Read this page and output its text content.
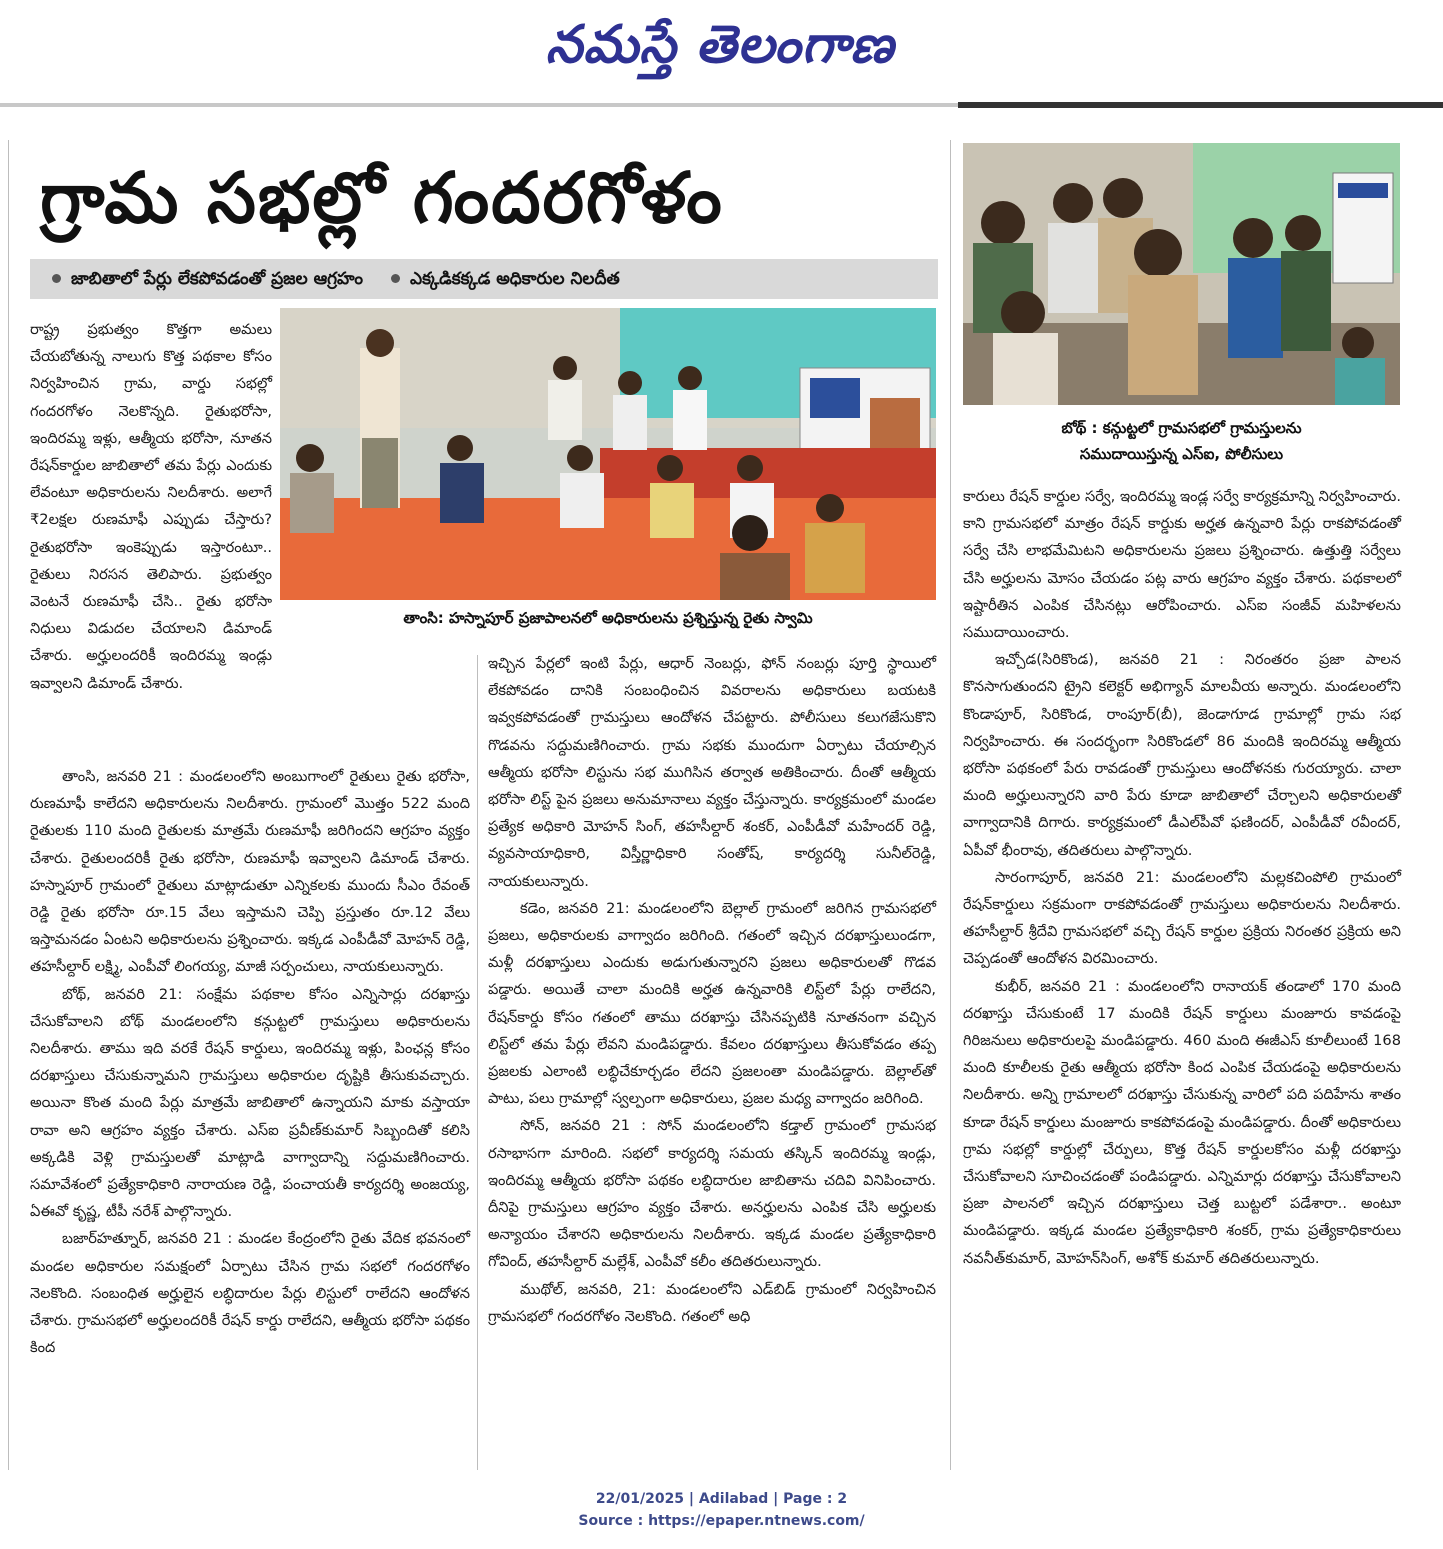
నమస్తే తెలంగాణ
గ్రామ సభల్లో గందరగోళం
జాబితాలో పేర్లు లేకపోవడంతో ప్రజల ఆగ్రహం	ఎక్కడికక్కడ అధికారుల నిలదీత
తాంసి: హస్నాపూర్ ప్రజాపాలనలో అధికారులను ప్రశ్నిస్తున్న రైతు స్వామి
బోథ్ : కన్గుట్టలో గ్రామసభలో గ్రామస్తులను
సముదాయిస్తున్న ఎస్ఐ, పోలీసులు

రాష్ట్ర ప్రభుత్వం కొత్తగా అమలు చేయబోతున్న నాలుగు కొత్త పథకాల కోసం నిర్వహించిన గ్రామ, వార్డు సభల్లో గందరగోళం నెలకొన్నది. రైతుభరోసా, ఇందిరమ్మ ఇళ్లు, ఆత్మీయ భరోసా, నూతన రేషన్‌కార్డుల జాబితాలో తమ పేర్లు ఎందుకు లేవంటూ అధికారులను నిలదీశారు. అలాగే ₹2లక్షల రుణమాఫీ ఎప్పుడు చేస్తారు? రైతుభరోసా ఇంకెప్పుడు ఇస్తారంటూ.. రైతులు నిరసన తెలిపారు. ప్రభుత్వం వెంటనే రుణమాఫీ చేసి.. రైతు భరోసా నిధులు విడుదల చేయాలని డిమాండ్ చేశారు. అర్హులందరికీ ఇందిరమ్మ ఇండ్లు ఇవ్వాలని డిమాండ్ చేశారు.

తాంసి, జనవరి 21 : మండలంలోని అంబుగాంలో రైతులు రైతు భరోసా, రుణమాఫీ కాలేదని అధికారులను నిలదీశారు. గ్రామంలో మొత్తం 522 మంది రైతులకు 110 మంది రైతులకు మాత్రమే రుణమాఫీ జరిగిందని ఆగ్రహం వ్యక్తం చేశారు. రైతులందరికీ రైతు భరోసా, రుణమాఫీ ఇవ్వాలని డిమాండ్ చేశారు. హస్నాపూర్ గ్రామంలో రైతులు మాట్లాడుతూ ఎన్నికలకు ముందు సీఎం రేవంత్ రెడ్డి రైతు భరోసా రూ.15 వేలు ఇస్తామని చెప్పి ప్రస్తుతం రూ.12 వేలు ఇస్తామనడం ఏంటని అధికారులను ప్రశ్నించారు. ఇక్కడ ఎంపీడీవో మోహన్ రెడ్డి, తహసీల్దార్ లక్ష్మి, ఎంపీవో లింగయ్య, మాజీ సర్పంచులు, నాయకులున్నారు.

బోథ్, జనవరి 21: సంక్షేమ పథకాల కోసం ఎన్నిసార్లు దరఖాస్తు చేసుకోవాలని బోథ్ మండలంలోని కన్గుట్టలో గ్రామస్తులు అధికారులను నిలదీశారు. తాము ఇది వరకే రేషన్ కార్డులు, ఇందిరమ్మ ఇళ్లు, పింఛన్ల కోసం దరఖాస్తులు చేసుకున్నామని గ్రామస్తులు అధికారుల దృష్టికి తీసుకువచ్చారు. అయినా కొంత మంది పేర్లు మాత్రమే జాబితాలో ఉన్నాయని మాకు వస్తాయా రావా అని ఆగ్రహం వ్యక్తం చేశారు. ఎస్ఐ ప్రవీణ్‌కుమార్ సిబ్బందితో కలిసి అక్కడికి వెళ్లి గ్రామస్తులతో మాట్లాడి వాగ్వాదాన్ని సద్దుమణిగించారు. సమావేశంలో ప్రత్యేకాధికారి నారాయణ రెడ్డి, పంచాయతీ కార్యదర్శి అంజయ్య, ఏఈవో కృష్ణ, టీపీ నరేశ్ పాల్గొన్నారు.

బజార్‌హత్నూర్, జనవరి 21 : మండల కేంద్రంలోని రైతు వేదిక భవనంలో మండల అధికారుల సమక్షంలో ఏర్పాటు చేసిన గ్రామ సభలో గందరగోళం నెలకొంది. సంబంధిత అర్హులైన లబ్ధిదారుల పేర్లు లిస్టులో రాలేదని ఆందోళన చేశారు. గ్రామసభలో అర్హులందరికీ రేషన్ కార్డు రాలేదని, ఆత్మీయ భరోసా పథకం కింద

ఇచ్చిన పేర్లలో ఇంటి పేర్లు, ఆధార్ నెంబర్లు, ఫోన్ నంబర్లు పూర్తి స్థాయిలో లేకపోవడం దానికి సంబంధించిన వివరాలను అధికారులు బయటకి ఇవ్వకపోవడంతో గ్రామస్తులు ఆందోళన చేపట్టారు. పోలీసులు కలుగజేసుకొని గొడవను సద్దుమణిగించారు. గ్రామ సభకు ముందుగా ఏర్పాటు చేయాల్సిన ఆత్మీయ భరోసా లిస్టును సభ ముగిసిన తర్వాత అతికించారు. దీంతో ఆత్మీయ భరోసా లిస్ట్ పైన ప్రజలు అనుమానాలు వ్యక్తం చేస్తున్నారు. కార్యక్రమంలో మండల ప్రత్యేక అధికారి మోహన్ సింగ్, తహసీల్దార్ శంకర్, ఎంపీడీవో మహేందర్ రెడ్డి, వ్యవసాయాధికారి, విస్తీర్ణాధికారి సంతోష్, కార్యదర్శి సునీల్‌రెడ్డి, నాయకులున్నారు.

కడెం, జనవరి 21: మండలంలోని బెల్లాల్ గ్రామంలో జరిగిన గ్రామసభలో ప్రజలు, అధికారులకు వాగ్వాదం జరిగింది. గతంలో ఇచ్చిన దరఖాస్తులుండగా, మళ్లీ దరఖాస్తులు ఎందుకు అడుగుతున్నారని ప్రజలు అధికారులతో గొడవ పడ్డారు. అయితే చాలా మందికి అర్హత ఉన్నవారికి లిస్ట్‌లో పేర్లు రాలేదని, రేషన్‌కార్డు కోసం గతంలో తాము దరఖాస్తు చేసినప్పటికి నూతనంగా వచ్చిన లిస్ట్‌లో తమ పేర్లు లేవని మండిపడ్డారు. కేవలం దరఖాస్తులు తీసుకోవడం తప్ప ప్రజలకు ఎలాంటి లబ్ధిచేకూర్చడం లేదని ప్రజలంతా మండిపడ్డారు. బెల్లాల్‌తో పాటు, పలు గ్రామాల్లో స్వల్పంగా అధికారులు, ప్రజల మధ్య వాగ్వాదం జరిగింది.

సోన్, జనవరి 21 : సోన్ మండలంలోని కడ్తాల్ గ్రామంలో గ్రామసభ రసాభాసగా మారింది. సభలో కార్యదర్శి సమయ తస్కిన్ ఇందిరమ్మ ఇండ్లు, ఇందిరమ్మ ఆత్మీయ భరోసా పథకం లబ్ధిదారుల జాబితాను చదివి వినిపించారు. దీనిపై గ్రామస్తులు ఆగ్రహం వ్యక్తం చేశారు. అనర్హులను ఎంపిక చేసి అర్హులకు అన్యాయం చేశారని అధికారులను నిలదీశారు. ఇక్కడ మండల ప్రత్యేకాధికారి గోవింద్, తహసీల్దార్ మల్లేశ్, ఎంపీవో కలీం తదితరులున్నారు.

ముథోల్, జనవరి, 21: మండలంలోని ఎడ్‌బిడ్ గ్రామంలో నిర్వహించిన గ్రామసభలో గందరగోళం నెలకొంది. గతంలో అధి

కారులు రేషన్ కార్డుల సర్వే, ఇందిరమ్మ ఇండ్ల సర్వే కార్యక్రమాన్ని నిర్వహించారు. కాని గ్రామసభలో మాత్రం రేషన్ కార్డుకు అర్హత ఉన్నవారి పేర్లు రాకపోవడంతో సర్వే చేసి లాభమేమిటని అధికారులను ప్రజలు ప్రశ్నించారు. ఉత్తుత్తి సర్వేలు చేసి అర్హులను మోసం చేయడం పట్ల వారు ఆగ్రహం వ్యక్తం చేశారు. పథకాలలో ఇష్టారీతిన ఎంపిక చేసినట్లు ఆరోపించారు. ఎస్ఐ సంజీవ్ మహిళలను సముదాయించారు.

ఇచ్చోడ(సిరికొండ), జనవరి 21 : నిరంతరం ప్రజా పాలన కొనసాగుతుందని ట్రైని కలెక్టర్ అభిగ్యాన్ మాలవీయ అన్నారు. మండలంలోని కొండాపూర్, సిరికొండ, రాంపూర్(బీ), జెండాగూడ గ్రామాల్లో గ్రామ సభ నిర్వహించారు. ఈ సందర్భంగా సిరికొండలో 86 మందికి ఇందిరమ్మ ఆత్మీయ భరోసా పథకంలో పేరు రావడంతో గ్రామస్తులు ఆందోళనకు గురయ్యారు. చాలా మంది అర్హులున్నారని వారి పేరు కూడా జాబితాలో చేర్చాలని అధికారులతో వాగ్వాదానికి దిగారు. కార్యక్రమంలో డీఎల్‌పీవో ఫణిందర్, ఎంపీడీవో రవీందర్, ఏపీవో భీంరావు, తదితరులు పాల్గొన్నారు.

సారంగాపూర్, జనవరి 21: మండలంలోని మల్లకచింపోలి గ్రామంలో రేషన్‌కార్డులు సక్రమంగా రాకపోవడంతో గ్రామస్తులు అధికారులను నిలదీశారు. తహసీల్దార్ శ్రీదేవి గ్రామసభలో వచ్చి రేషన్ కార్డుల ప్రక్రియ నిరంతర ప్రక్రియ అని చెప్పడంతో ఆందోళన విరమించారు.

కుభీర్, జనవరి 21 : మండలంలోని రానాయక్ తండాలో 170 మంది దరఖాస్తు చేసుకుంటే 17 మందికి రేషన్ కార్డులు మంజూరు కావడంపై గిరిజనులు అధికారులపై మండిపడ్డారు. 460 మంది ఈజీఎస్ కూలీలుంటే 168 మంది కూలీలకు రైతు ఆత్మీయ భరోసా కింద ఎంపిక చేయడంపై అధికారులను నిలదీశారు. అన్ని గ్రామాలలో దరఖాస్తు చేసుకున్న వారిలో పది పదిహేను శాతం కూడా రేషన్ కార్డులు మంజూరు కాకపోవడంపై మండిపడ్డారు. దీంతో అధికారులు గ్రామ సభల్లో కార్డుల్లో చేర్పులు, కొత్త రేషన్ కార్డులకోసం మళ్లీ దరఖాస్తు చేసుకోవాలని సూచించడంతో పండిపడ్డారు. ఎన్నిమార్లు దరఖాస్తు చేసుకోవాలని ప్రజా పాలనలో ఇచ్చిన దరఖాస్తులు చెత్త బుట్టలో పడేశారా.. అంటూ మండిపడ్డారు. ఇక్కడ మండల ప్రత్యేకాధికారి శంకర్, గ్రామ ప్రత్యేకాధికారులు నవనీత్‌కుమార్, మోహన్‌సింగ్, అశోక్ కుమార్ తదితరులున్నారు.

22/01/2025 | Adilabad | Page : 2
Source : https://epaper.ntnews.com/
